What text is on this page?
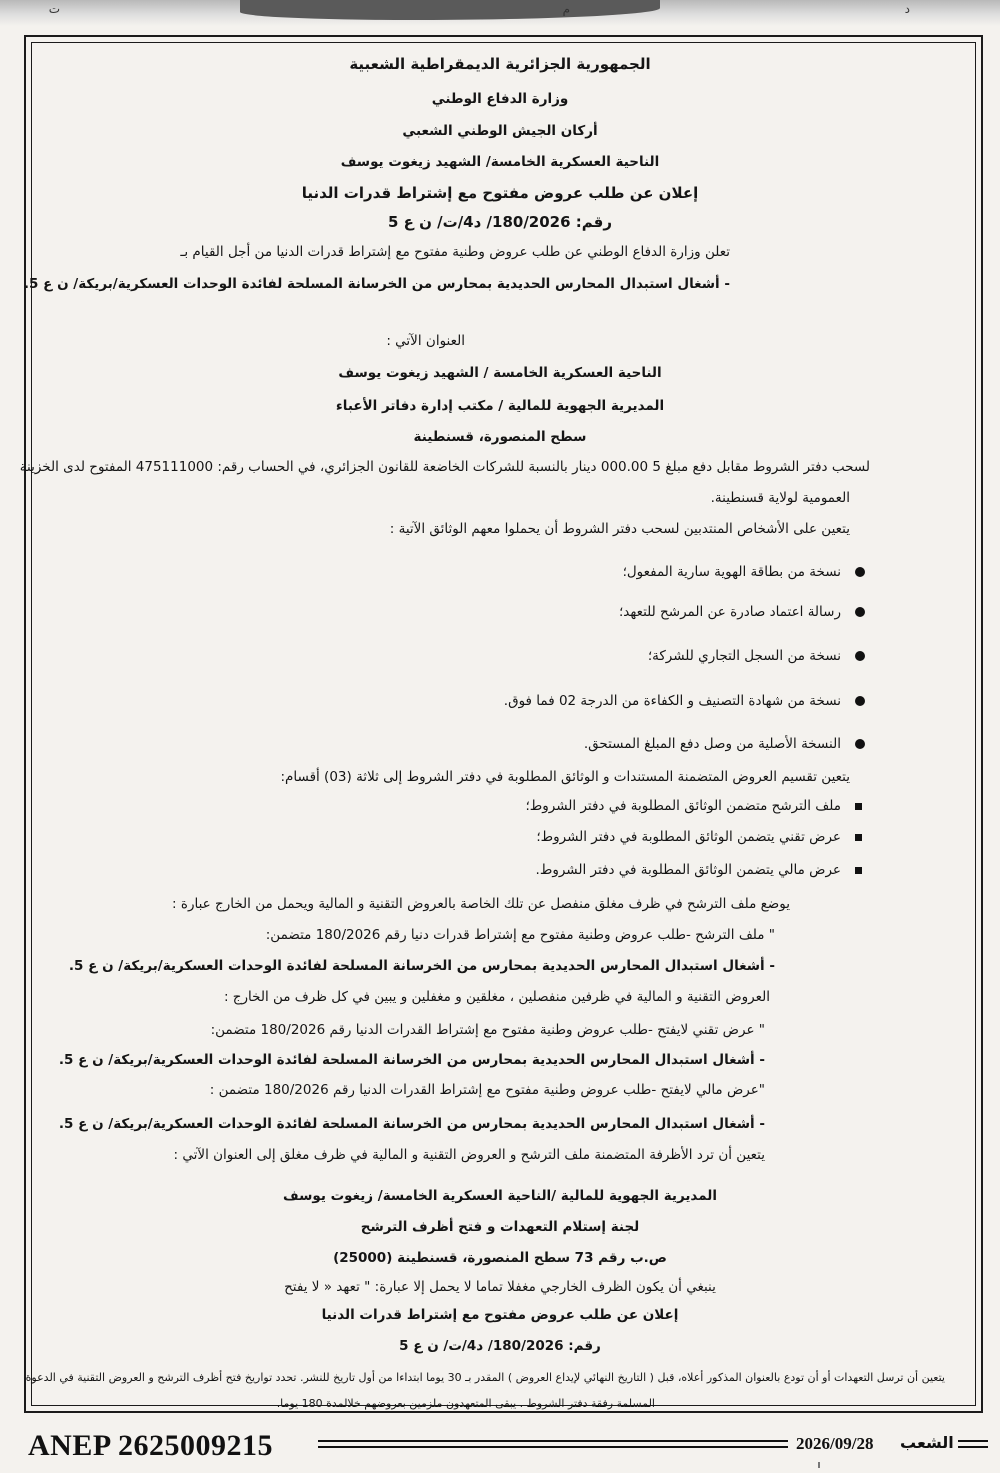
د
م
ت
الجمهورية الجزائرية الديمقراطية الشعبية
وزارة الدفاع الوطني
أركان الجيش الوطني الشعبي
الناحية العسكرية الخامسة/ الشهيد زيغوت يوسف
إعلان عن طلب عروض مفتوح مع إشتراط قدرات الدنيا
رقم: 180/2026/ د4/ت/ ن ع 5
تعلن وزارة الدفاع الوطني عن طلب عروض وطنية مفتوح مع إشتراط قدرات الدنيا من أجل القيام بـ
- أشغال استبدال المحارس الحديدية بمحارس من الخرسانة المسلحة لفائدة الوحدات العسكرية/بريكة/ ن ع 5.
العنوان الآتي :
الناحية العسكرية الخامسة / الشهيد زيغوت يوسف
المديرية الجهوية للمالية / مكتب إدارة دفاتر الأعباء
سطح المنصورة، قسنطينة
لسحب دفتر الشروط مقابل دفع مبلغ 5 000.00 دينار بالنسبة للشركات الخاضعة للقانون الجزائري، في الحساب رقم: 475111000 المفتوح لدى الخزينة
العمومية لولاية قسنطينة.
يتعين على الأشخاص المنتدبين لسحب دفتر الشروط أن يحملوا معهم الوثائق الآتية :
نسخة من بطاقة الهوية سارية المفعول؛
رسالة اعتماد صادرة عن المرشح للتعهد؛
نسخة من السجل التجاري للشركة؛
نسخة من شهادة التصنيف و الكفاءة من الدرجة 02 فما فوق.
النسخة الأصلية من وصل دفع المبلغ المستحق.
يتعين تقسيم العروض المتضمنة المستندات و الوثائق المطلوبة في دفتر الشروط إلى ثلاثة (03) أقسام:
ملف الترشح متضمن الوثائق المطلوبة في دفتر الشروط؛
عرض تقني يتضمن الوثائق المطلوبة في دفتر الشروط؛
عرض مالي يتضمن الوثائق المطلوبة في دفتر الشروط.
يوضع ملف الترشح في ظرف مغلق منفصل عن تلك الخاصة بالعروض التقنية و المالية ويحمل من الخارج عبارة :
" ملف الترشح -طلب عروض وطنية مفتوح مع إشتراط قدرات دنيا رقم 180/2026 متضمن:
- أشغال استبدال المحارس الحديدية بمحارس من الخرسانة المسلحة لفائدة الوحدات العسكرية/بريكة/ ن ع 5.
العروض التقنية و المالية في ظرفين منفصلين ، مغلقين و مغفلين و يبين في كل ظرف من الخارج :
" عرض تقني لايفتح -طلب عروض وطنية مفتوح مع إشتراط القدرات الدنيا رقم 180/2026 متضمن:
- أشغال استبدال المحارس الحديدية بمحارس من الخرسانة المسلحة لفائدة الوحدات العسكرية/بريكة/ ن ع 5.
"عرض مالي لايفتح -طلب عروض وطنية مفتوح مع إشتراط القدرات الدنيا رقم 180/2026 متضمن :
- أشغال استبدال المحارس الحديدية بمحارس من الخرسانة المسلحة لفائدة الوحدات العسكرية/بريكة/ ن ع 5.
يتعين أن ترد الأظرفة المتضمنة ملف الترشح و العروض التقنية و المالية في ظرف مغلق إلى العنوان الآتي :
المديرية الجهوية للمالية /الناحية العسكرية الخامسة/ زيغوت يوسف
لجنة إستلام التعهدات و فتح أظرف الترشح
ص.ب رقم 73 سطح المنصورة، قسنطينة (25000)
ينبغي أن يكون الظرف الخارجي مغفلا تماما لا يحمل إلا عبارة: " تعهد « لا يفتح
إعلان عن طلب عروض مفتوح مع إشتراط قدرات الدنيا
رقم: 180/2026/ د4/ت/ ن ع 5
يتعين أن ترسل التعهدات أو أن تودع بالعنوان المذكور أعلاه، قبل ( التاريخ النهائي لإيداع العروض ) المقدر بـ 30 يوما ابتداءا من أول تاريخ للنشر. تحدد تواريخ فتح أظرف الترشح و العروض التقنية في الدعوة
المسلمة رفقة دفتر الشروط . يبقى المتعهدون ملزمين بعروضهم خلالمدة 180 يوما.
ANEP 2625009215	2026/09/28 الشعب
